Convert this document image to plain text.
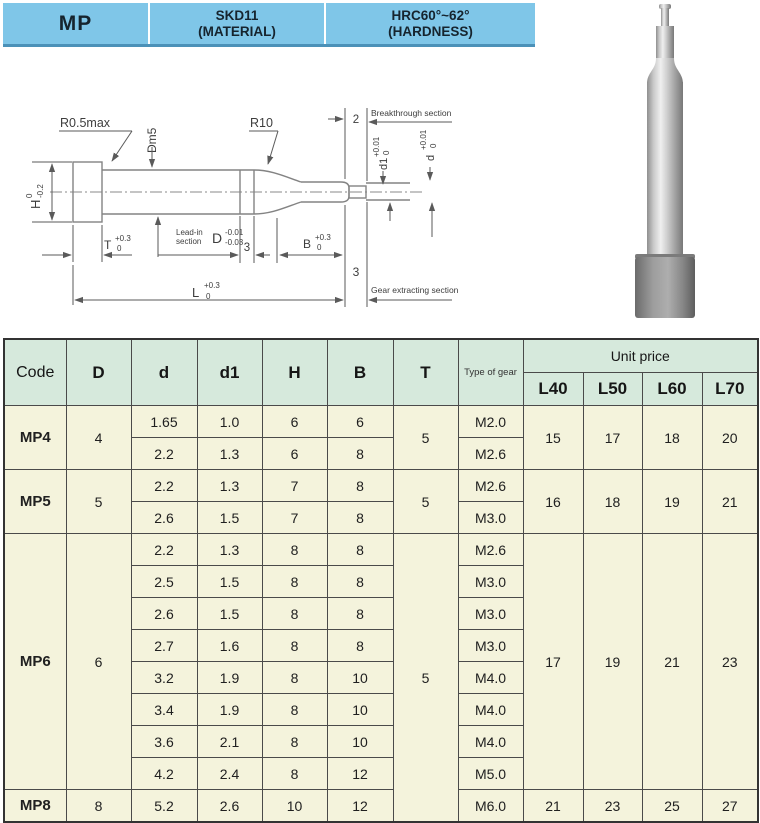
MP	SKD11
(MATERIAL)
HRC60°~62°
(HARDNESS)
H
0 -0.2
R0.5max
Dm5
R10
T +0.3
0
Lead-in
section D -0.01
-0.03 3	B +0.3
0
2
Breakthrough section
d1
+0.01 0
d
+0.01 0
3
L +0.3
0
Gear extracting section
Code	D	d	d1	H	B	T	Type of gear	Unit price			
								L40	L50	L60	L70
MP4	4	1.65	1.0	6	6	5	M2.0	15	17	18	20
		2.2	1.3	6	8		M2.6				
MP5	5	2.2	1.3	7	8	5	M2.6	16	18	19	21
		2.6	1.5	7	8		M3.0				
MP6	6	2.2	1.3	8	8	5	M2.6	17	19	21	23
		2.5	1.5	8	8		M3.0				
		2.6	1.5	8	8		M3.0				
		2.7	1.6	8	8		M3.0				
		3.2	1.9	8	10		M4.0				
		3.4	1.9	8	10		M4.0				
		3.6	2.1	8	10		M4.0				
		4.2	2.4	8	12		M5.0				
MP8	8	5.2	2.6	10	12		M6.0	21	23	25	27
